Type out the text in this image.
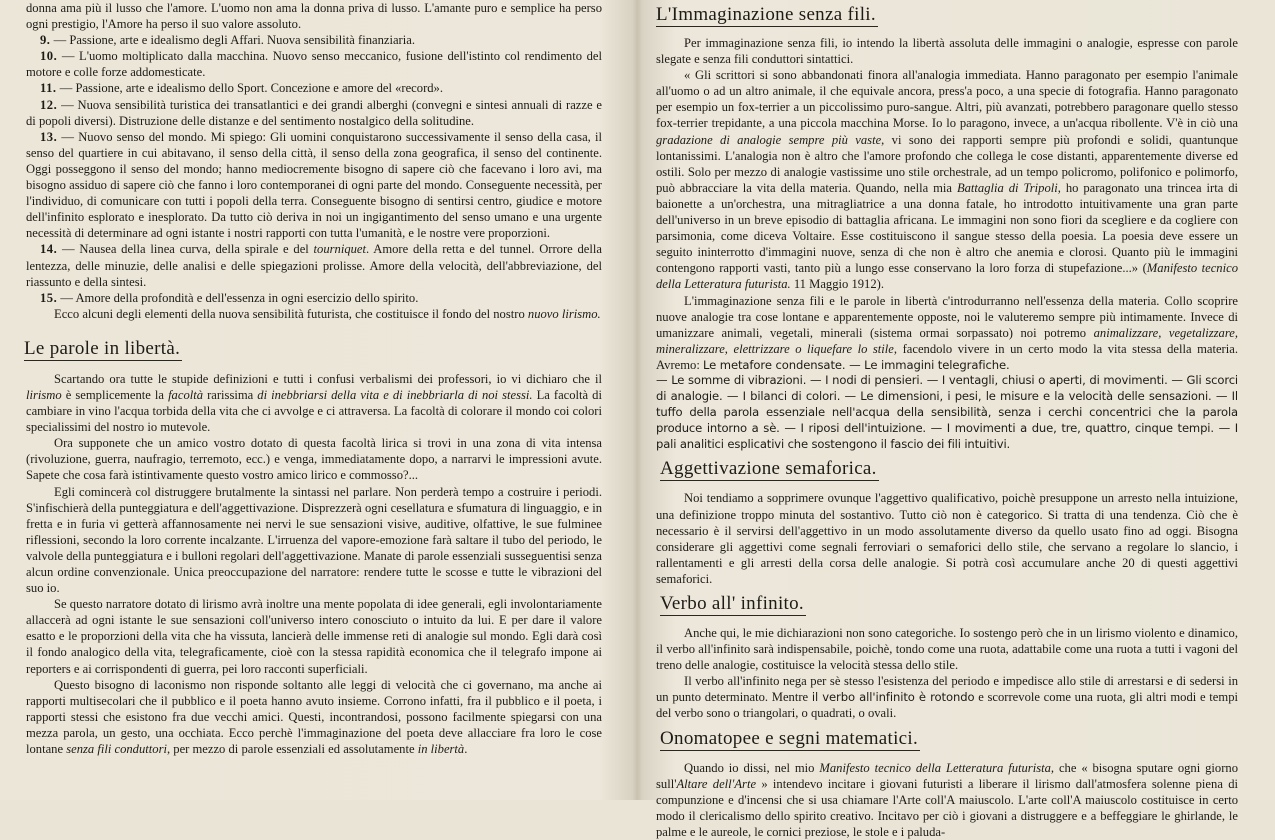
donna ama più il lusso che l'amore. L'uomo non ama la donna priva di lusso. L'amante puro e semplice ha perso ogni prestigio, l'Amore ha perso il suo valore assoluto.

9. — Passione, arte e idealismo degli Affari. Nuova sensibilità finanziaria.

10. — L'uomo moltiplicato dalla macchina. Nuovo senso meccanico, fusione dell'istinto col rendimento del motore e colle forze addomesticate.

11. — Passione, arte e idealismo dello Sport. Concezione e amore del «record».

12. — Nuova sensibilità turistica dei transatlantici e dei grandi alberghi (convegni e sintesi annuali di razze e di popoli diversi). Distruzione delle distanze e del sentimento nostalgico della solitudine.

13. — Nuovo senso del mondo. Mi spiego: Gli uomini conquistarono successivamente il senso della casa, il senso del quartiere in cui abitavano, il senso della città, il senso della zona geografica, il senso del continente. Oggi posseggono il senso del mondo; hanno mediocremente bisogno di sapere ciò che facevano i loro avi, ma bisogno assiduo di sapere ciò che fanno i loro contemporanei di ogni parte del mondo. Conseguente necessità, per l'individuo, di comunicare con tutti i popoli della terra. Conseguente bisogno di sentirsi centro, giudice e motore dell'infinito esplorato e inesplorato. Da tutto ciò deriva in noi un ingigantimento del senso umano e una urgente necessità di determinare ad ogni istante i nostri rapporti con tutta l'umanità, e le nostre vere proporzioni.

14. — Nausea della linea curva, della spirale e del tourniquet. Amore della retta e del tunnel. Orrore della lentezza, delle minuzie, delle analisi e delle spiegazioni prolisse. Amore della velocità, dell'abbreviazione, del riassunto e della sintesi.

15. — Amore della profondità e dell'essenza in ogni esercizio dello spirito.

Ecco alcuni degli elementi della nuova sensibilità futurista, che costituisce il fondo del nostro nuovo lirismo.

Le parole in libertà.

Scartando ora tutte le stupide definizioni e tutti i confusi verbalismi dei professori, io vi dichiaro che il lirismo è semplicemente la facoltà rarissima di inebbriarsi della vita e di inebbriarla di noi stessi. La facoltà di cambiare in vino l'acqua torbida della vita che ci avvolge e ci attraversa. La facoltà di colorare il mondo coi colori specialissimi del nostro io mutevole.

Ora supponete che un amico vostro dotato di questa facoltà lirica si trovi in una zona di vita intensa (rivoluzione, guerra, naufragio, terremoto, ecc.) e venga, immediatamente dopo, a narrarvi le impressioni avute. Sapete che cosa farà istintivamente questo vostro amico lirico e commosso?...

Egli comincerà col distruggere brutalmente la sintassi nel parlare. Non perderà tempo a costruire i periodi. S'infischierà della punteggiatura e dell'aggettivazione. Disprezzerà ogni cesellatura e sfumatura di linguaggio, e in fretta e in furia vi getterà affannosamente nei nervi le sue sensazioni visive, auditive, olfattive, le sue fulminee riflessioni, secondo la loro corrente incalzante. L'irruenza del vapore-emozione farà saltare il tubo del periodo, le valvole della punteggiatura e i bulloni regolari dell'aggettivazione. Manate di parole essenziali susseguentisi senza alcun ordine convenzionale. Unica preoccupazione del narratore: rendere tutte le scosse e tutte le vibrazioni del suo io.

Se questo narratore dotato di lirismo avrà inoltre una mente popolata di idee generali, egli involontariamente allaccerà ad ogni istante le sue sensazioni coll'universo intero conosciuto o intuito da lui. E per dare il valore esatto e le proporzioni della vita che ha vissuta, lancierà delle immense reti di analogie sul mondo. Egli darà così il fondo analogico della vita, telegraficamente, cioè con la stessa rapidità economica che il telegrafo impone ai reporters e ai corrispondenti di guerra, pei loro racconti superficiali.

Questo bisogno di laconismo non risponde soltanto alle leggi di velocità che ci governano, ma anche ai rapporti multisecolari che il pubblico e il poeta hanno avuto insieme. Corrono infatti, fra il pubblico e il poeta, i rapporti stessi che esistono fra due vecchi amici. Questi, incontrandosi, possono facilmente spiegarsi con una mezza parola, un gesto, una occhiata. Ecco perchè l'immaginazione del poeta deve allacciare fra loro le cose lontane senza fili conduttori, per mezzo di parole essenziali ed assolutamente in libertà.

L'Immaginazione senza fili.

Per immaginazione senza fili, io intendo la libertà assoluta delle immagini o analogie, espresse con parole slegate e senza fili conduttori sintattici.

« Gli scrittori si sono abbandonati finora all'analogia immediata. Hanno paragonato per esempio l'animale all'uomo o ad un altro animale, il che equivale ancora, press'a poco, a una specie di fotografia. Hanno paragonato per esempio un fox-terrier a un piccolissimo puro-sangue. Altri, più avanzati, potrebbero paragonare quello stesso fox-terrier trepidante, a una piccola macchina Morse. Io lo paragono, invece, a un'acqua ribollente. V'è in ciò una gradazione di analogie sempre più vaste, vi sono dei rapporti sempre più profondi e solidi, quantunque lontanissimi. L'analogia non è altro che l'amore profondo che collega le cose distanti, apparentemente diverse ed ostili. Solo per mezzo di analogie vastissime uno stile orchestrale, ad un tempo policromo, polifonico e polimorfo, può abbracciare la vita della materia. Quando, nella mia Battaglia di Tripoli, ho paragonato una trincea irta di baionette a un'orchestra, una mitragliatrice a una donna fatale, ho introdotto intuitivamente una gran parte dell'universo in un breve episodio di battaglia africana. Le immagini non sono fiori da scegliere e da cogliere con parsimonia, come diceva Voltaire. Esse costituiscono il sangue stesso della poesia. La poesia deve essere un seguito ininterrotto d'immagini nuove, senza di che non è altro che anemia e clorosi. Quanto più le immagini contengono rapporti vasti, tanto più a lungo esse conservano la loro forza di stupefazione...» (Manifesto tecnico della Letteratura futurista. 11 Maggio 1912).

L'immaginazione senza fili e le parole in libertà c'introdurranno nell'essenza della materia. Collo scoprire nuove analogie tra cose lontane e apparentemente opposte, noi le valuteremo sempre più intimamente. Invece di umanizzare animali, vegetali, minerali (sistema ormai sorpassato) noi potremo animalizzare, vegetalizzare, mineralizzare, elettrizzare o liquefare lo stile, facendolo vivere in un certo modo la vita stessa della materia. Avremo: Le metafore condensate. — Le immagini telegrafiche.

— Le somme di vibrazioni. — I nodi di pensieri. — I ventagli, chiusi o aperti, di movimenti. — Gli scorci di analogie. — I bilanci di colori. — Le dimensioni, i pesi, le misure e la velocità delle sensazioni. — Il tuffo della parola essenziale nell'acqua della sensibilità, senza i cerchi concentrici che la parola produce intorno a sè. — I riposi dell'intuizione. — I movimenti a due, tre, quattro, cinque tempi. — I pali analitici esplicativi che sostengono il fascio dei fili intuitivi.

Aggettivazione semaforica.

Noi tendiamo a sopprimere ovunque l'aggettivo qualificativo, poichè presuppone un arresto nella intuizione, una definizione troppo minuta del sostantivo. Tutto ciò non è categorico. Si tratta di una tendenza. Ciò che è necessario è il servirsi dell'aggettivo in un modo assolutamente diverso da quello usato fino ad oggi. Bisogna considerare gli aggettivi come segnali ferroviari o semaforici dello stile, che servano a regolare lo slancio, i rallentamenti e gli arresti della corsa delle analogie. Si potrà così accumulare anche 20 di questi aggettivi semaforici.

Verbo all' infinito.

Anche qui, le mie dichiarazioni non sono categoriche. Io sostengo però che in un lirismo violento e dinamico, il verbo all'infinito sarà indispensabile, poichè, tondo come una ruota, adattabile come una ruota a tutti i vagoni del treno delle analogie, costituisce la velocità stessa dello stile.

Il verbo all'infinito nega per sè stesso l'esistenza del periodo e impedisce allo stile di arrestarsi e di sedersi in un punto determinato. Mentre il verbo all'infinito è rotondo e scorrevole come una ruota, gli altri modi e tempi del verbo sono o triangolari, o quadrati, o ovali.

Onomatopee e segni matematici.

Quando io dissi, nel mio Manifesto tecnico della Letteratura futurista, che « bisogna sputare ogni giorno sull'Altare dell'Arte » intendevo incitare i giovani futuristi a liberare il lirismo dall'atmosfera solenne piena di compunzione e d'incensi che si usa chiamare l'Arte coll'A maiuscolo. L'arte coll'A maiuscolo costituisce in certo modo il clericalismo dello spirito creativo. Incitavo per ciò i giovani a distruggere e a beffeggiare le ghirlande, le palme e le aureole, le cornici preziose, le stole e i paluda-
